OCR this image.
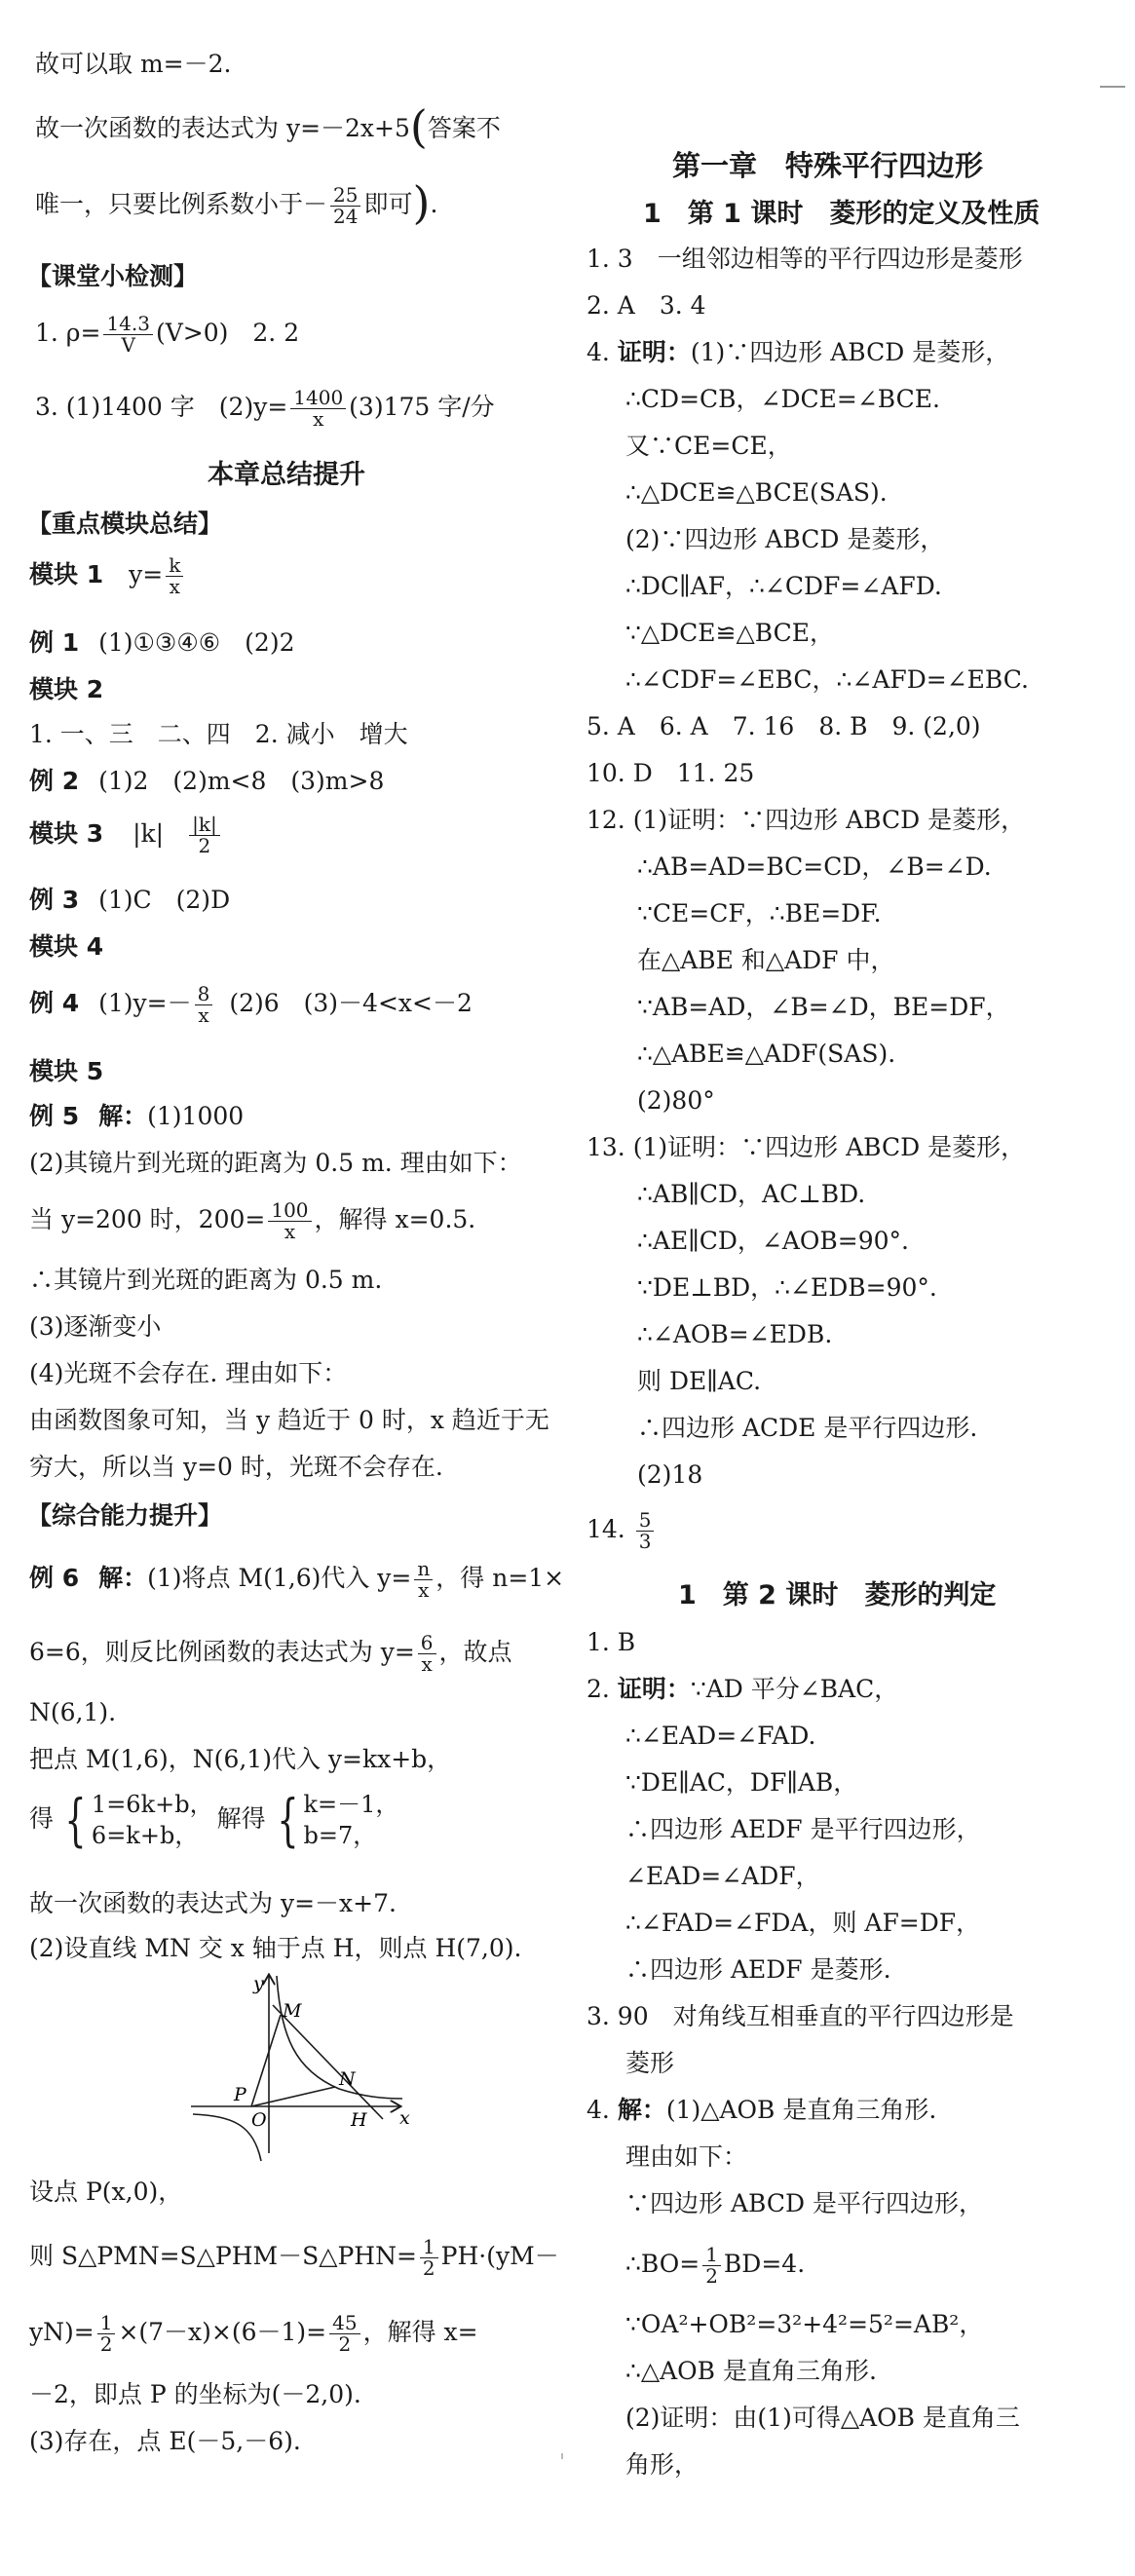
故可以取 m=－2.
故一次函数的表达式为 y=－2x+5(答案不
唯一，只要比例系数小于－ $\frac{25}{24}$ 即可).
【课堂小检测】
1. $\rho= \frac{14.3}{V} (V>0)$　2. 2
3. (1)1400 字　$(2)y= \frac{1400}{x} (3)175$ 字/分
本章总结提升
【重点模块总结】
模块 1 $y= \frac{k}{x}$
例 1 (1)①③④⑥　(2)2
模块 2
1. 一、三　二、四　2. 减小　增大
例 2 (1)2　(2)m<8　(3)m>8
模块 3 $|k| \frac{|k|}{2}$
例 3 (1)C　(2)D
模块 4
例 4 $(1)y=- \frac{8}{x} (2)6$　(3)－4<x<－2
模块 5
例 5 解：(1)1000
(2)其镜片到光斑的距离为 0.5 m. 理由如下：
当 y=200 时，$200= \frac{100}{x}$ ，解得 x=0.5.
∴其镜片到光斑的距离为 0.5 m.
(3)逐渐变小
(4)光斑不会存在. 理由如下：
由函数图象可知，当 y 趋近于 0 时，x 趋近于无
穷大，所以当 y=0 时，光斑不会存在.
【综合能力提升】
例 6 解：(1)将点 M(1,6)代入 $y= \frac{n}{x}$ ，得 n=1×
6=6，则反比例函数的表达式为 $y= \frac{6}{x}$ ，故点
N(6,1).
把点 M(1,6)，N(6,1)代入 y=kx+b，
得 { 1=6k+b，
6=k+b，
解得 { k=－1，
b=7，
故一次函数的表达式为 y=－x+7.
(2)设直线 MN 交 x 轴于点 H，则点 H(7,0).
y
M
N
P
O	H x
设点 P(x,0)，
则 S△PMN=S△PHM－S△PHN= $\frac{1}{2} PH\cdot(yM-$
$yN)= \frac{1}{2} \times(7-x)\times(6-1)= \frac{45}{2}$ ，解得 x=
－2，即点 P 的坐标为(－2,0).
(3)存在，点 E(－5,－6).
第一章　特殊平行四边形
1　第 1 课时　菱形的定义及性质
1. 3　一组邻边相等的平行四边形是菱形
2. A　3. 4
4. 证明：(1)∵四边形 ABCD 是菱形，
∴CD=CB，∠DCE=∠BCE.
又∵CE=CE，
∴△DCE≌△BCE(SAS).
(2)∵四边形 ABCD 是菱形，
∴DC∥AF，∴∠CDF=∠AFD.
∵△DCE≌△BCE，
∴∠CDF=∠EBC，∴∠AFD=∠EBC.
5. A　6. A　7. 16　8. B　9. (2,0)
10. D　11. 25
12. (1)证明：∵四边形 ABCD 是菱形，
∴AB=AD=BC=CD，∠B=∠D.
∵CE=CF，∴BE=DF.
在△ABE 和△ADF 中，
∵AB=AD，∠B=∠D，BE=DF，
∴△ABE≌△ADF(SAS).
(2)80°
13. (1)证明：∵四边形 ABCD 是菱形，
∴AB∥CD，AC⊥BD.
∴AE∥CD，∠AOB=90°.
∵DE⊥BD，∴∠EDB=90°.
∴∠AOB=∠EDB.
则 DE∥AC.
∴四边形 ACDE 是平行四边形.
(2)18
14. $\frac{5}{3}$
1　第 2 课时　菱形的判定
1. B
2. 证明：∵AD 平分∠BAC，
∴∠EAD=∠FAD.
∵DE∥AC，DF∥AB，
∴四边形 AEDF 是平行四边形，
∠EAD=∠ADF，
∴∠FAD=∠FDA，则 AF=DF，
∴四边形 AEDF 是菱形.
3. 90　对角线互相垂直的平行四边形是
菱形
4. 解：(1)△AOB 是直角三角形.
理由如下：
∵四边形 ABCD 是平行四边形，
∴BO= $\frac{1}{2} BD=4$.
∵OA²+OB²=3²+4²=5²=AB²，
∴△AOB 是直角三角形.
(2)证明：由(1)可得△AOB 是直角三
角形，
